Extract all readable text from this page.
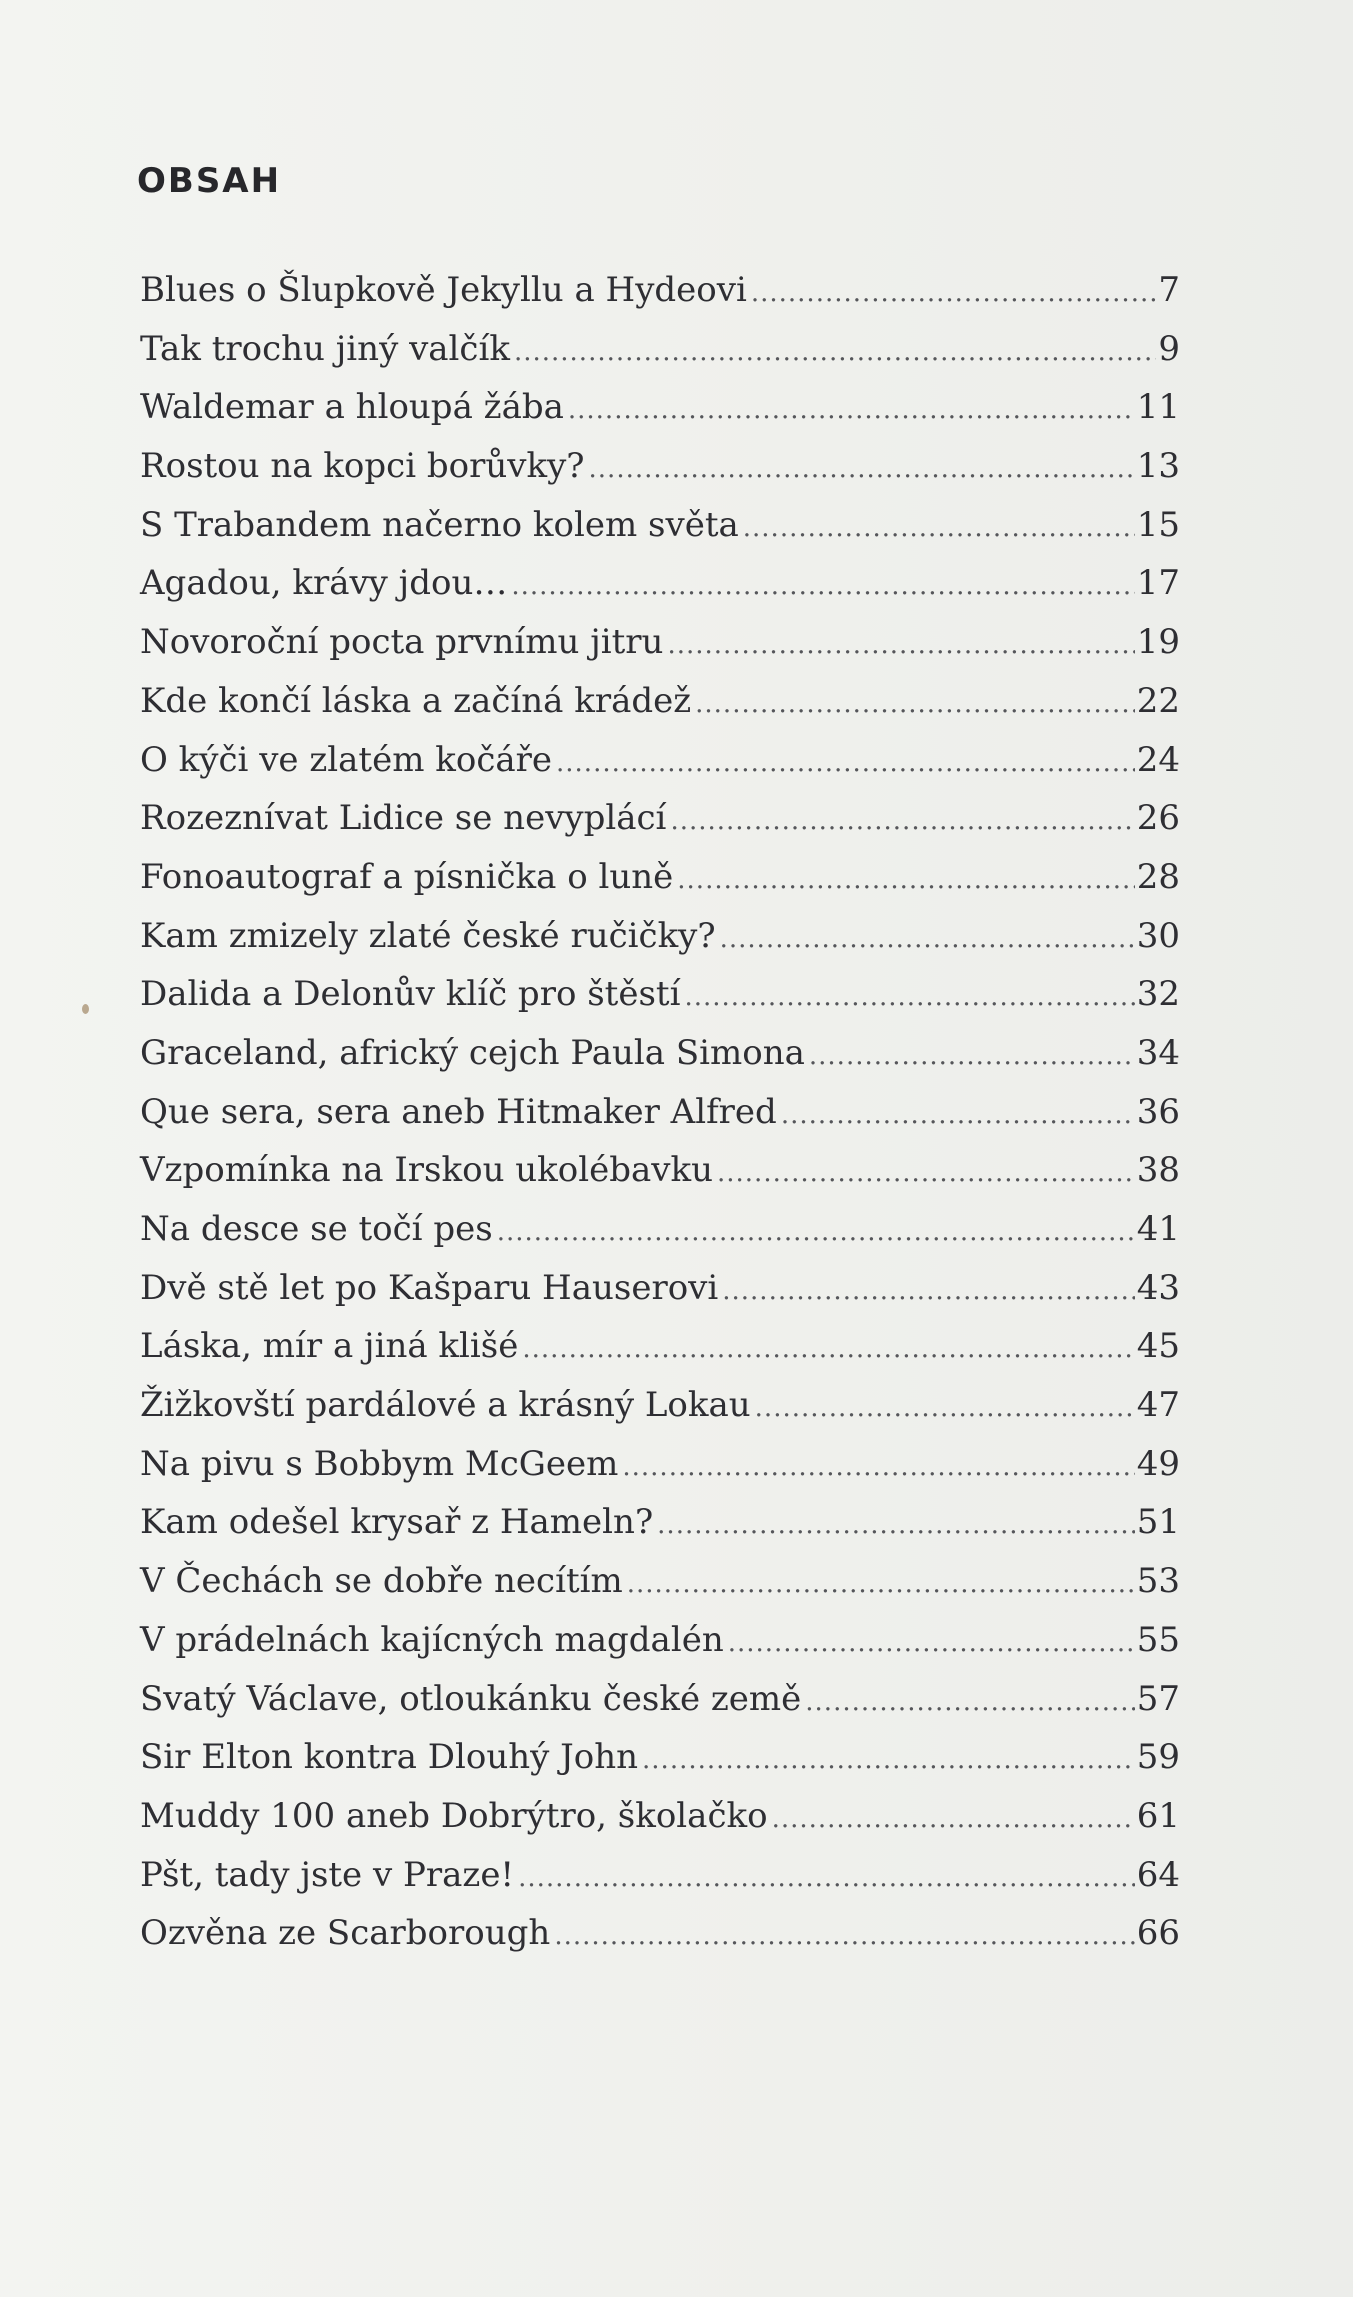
OBSAH
Blues o Šlupkově Jekyllu a Hydeovi .....	7
Tak trochu jiný valčík .....	9
Waldemar a hloupá žába .....	11
Rostou na kopci borůvky? .....	13
S Trabandem načerno kolem světa .....	15
Agadou, krávy jdou… .....	17
Novoroční pocta prvnímu jitru .....	19
Kde končí láska a začíná krádež .....	22
O kýči ve zlatém kočáře .....	24
Rozeznívat Lidice se nevyplácí .....	26
Fonoautograf a písnička o luně .....	28
Kam zmizely zlaté české ručičky? .....	30
Dalida a Delonův klíč pro štěstí .....	32
Graceland, africký cejch Paula Simona .....	34
Que sera, sera aneb Hitmaker Alfred .....	36
Vzpomínka na Irskou ukolébavku .....	38
Na desce se točí pes .....	41
Dvě stě let po Kašparu Hauserovi .....	43
Láska, mír a jiná klišé .....	45
Žižkovští pardálové a krásný Lokau .....	47
Na pivu s Bobbym McGeem .....	49
Kam odešel krysař z Hameln? .....	51
V Čechách se dobře necítím .....	53
V prádelnách kajícných magdalén .....	55
Svatý Václave, otloukánku české země .....	57
Sir Elton kontra Dlouhý John .....	59
Muddy 100 aneb Dobrýtro, školačko .....	61
Pšt, tady jste v Praze! .....	64
Ozvěna ze Scarborough .....	66
